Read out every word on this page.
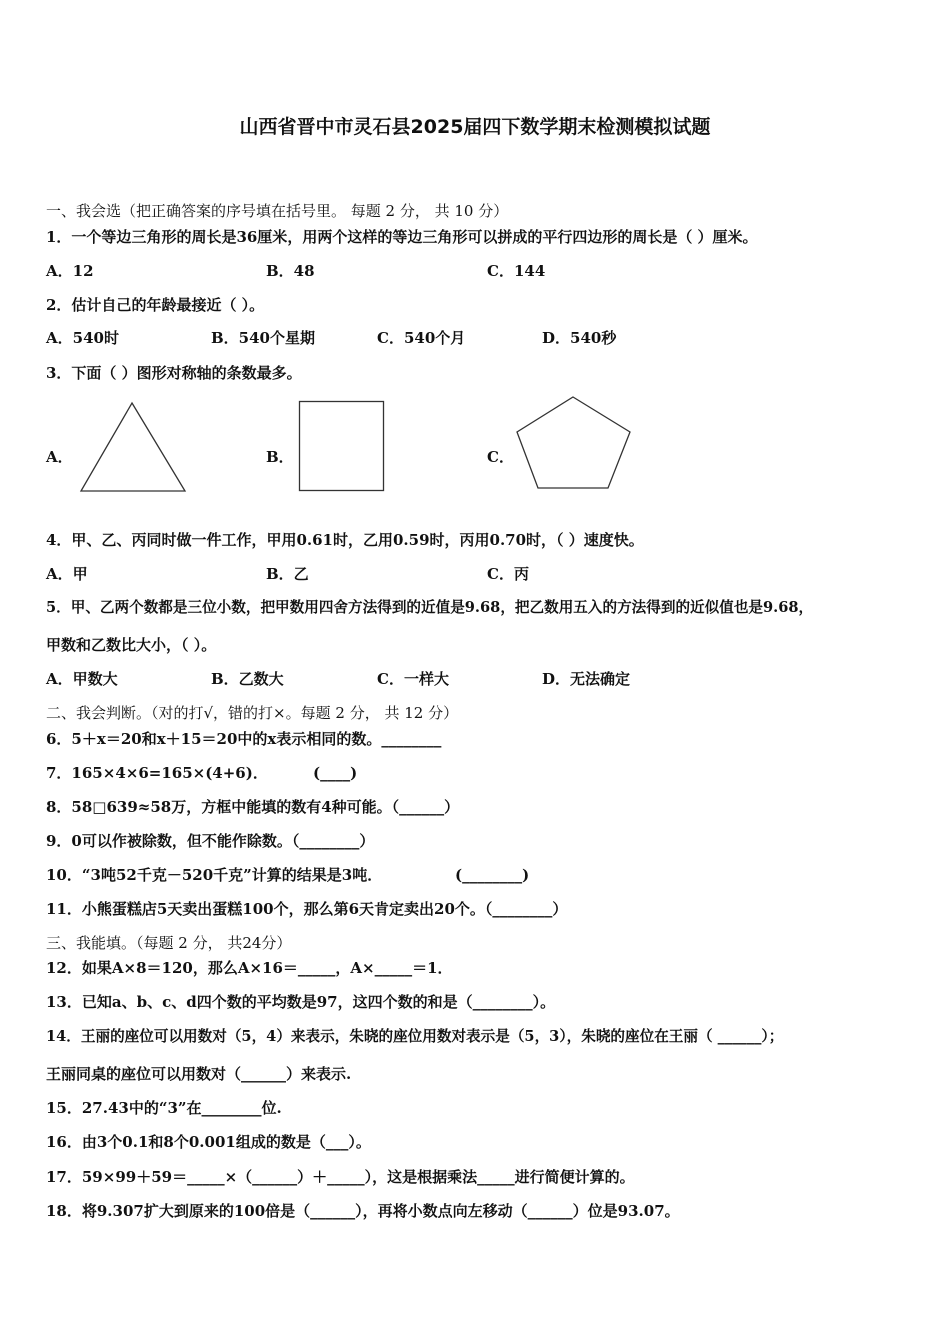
山西省晋中市灵石县2025届四下数学期末检测模拟试题
一、我会选（把正确答案的序号填在括号里。 每题 2 分， 共 10 分）
1．一个等边三角形的周长是36厘米，用两个这样的等边三角形可以拼成的平行四边形的周长是（ ）厘米。
A．12	B．48	C．144
2．估计自己的年龄最接近（ ）。
A．540时	B．540个星期	C．540个月	D．540秒
3．下面（ ）图形对称轴的条数最多。
A．	B．	C．
4．甲、乙、丙同时做一件工作，甲用0.61时，乙用0.59时，丙用0.70时，（ ）速度快。
A．甲	B．乙	C．丙
5．甲、乙两个数都是三位小数，把甲数用四舍方法得到的近值是9.68，把乙数用五入的方法得到的近似值也是9.68，
甲数和乙数比大小，（ ）。
A．甲数大	B．乙数大	C．一样大	D．无法确定
二、我会判断。（对的打√，错的打×。每题 2 分， 共 12 分）
6．5＋x＝20和x＋15＝20中的x表示相同的数。________
7．165×4×6=165×(4+6)．	(____)
8．58□639≈58万，方框中能填的数有4种可能。（______）
9．0可以作被除数，但不能作除数。（________）
10．“3吨52千克－520千克”计算的结果是3吨．	(________)
11．小熊蛋糕店5天卖出蛋糕100个，那么第6天肯定卖出20个。（________）
三、我能填。（每题 2 分， 共24分）
12．如果A×8＝120，那么A×16＝_____，A×_____＝1．
13．已知a、b、c、d四个数的平均数是97，这四个数的和是（________）。
14．王丽的座位可以用数对（5，4）来表示，朱晓的座位用数对表示是（5，3），朱晓的座位在王丽（ ______）；
王丽同桌的座位可以用数对（______）来表示.
15．27.43中的“3”在________位.
16．由3个0.1和8个0.001组成的数是（___）。
17．59×99＋59＝_____×（______）＋_____），这是根据乘法_____进行简便计算的。
18．将9.307扩大到原来的100倍是（______），再将小数点向左移动（______）位是93.07。
